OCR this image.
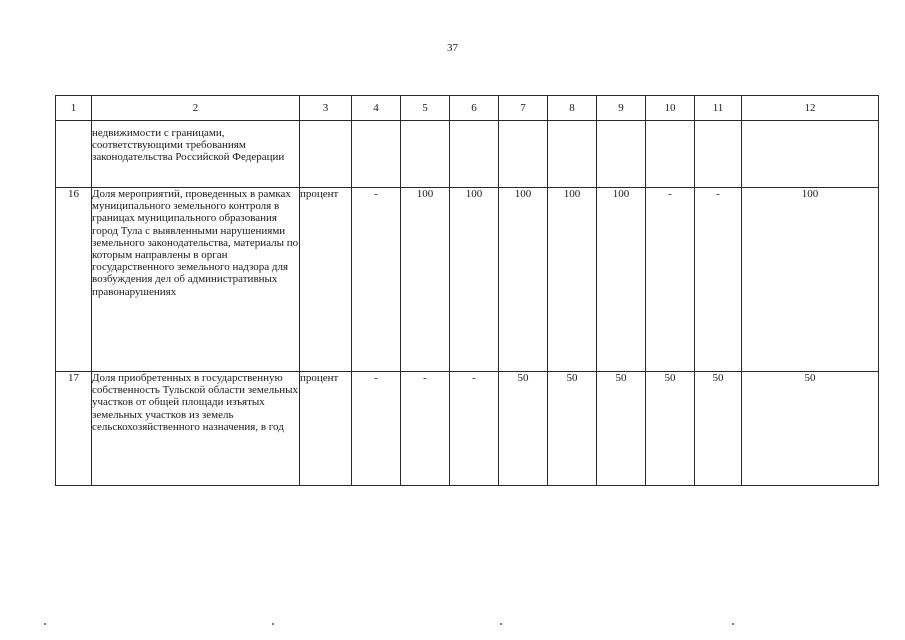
37
1	2	3	4	5	6	7	8	9	10	11	12
	недвижимости с границами, соответствующими требованиям законодательства Российской Федерации										
16	Доля мероприятий, проведенных в рамках муниципального земельного контроля в границах муниципального образования город Тула с выявленными нарушениями земельного законодательства, материалы по которым направлены в орган государственного земельного надзора для возбуждения дел об административных правонарушениях	процент	-	100	100	100	100	100	-	-	100
17	Доля приобретенных в государственную собственность Тульской области земельных участков от общей площади изъятых земельных участков из земель сельскохозяйственного назначения, в год	процент	-	-	-	50	50	50	50	50	50
